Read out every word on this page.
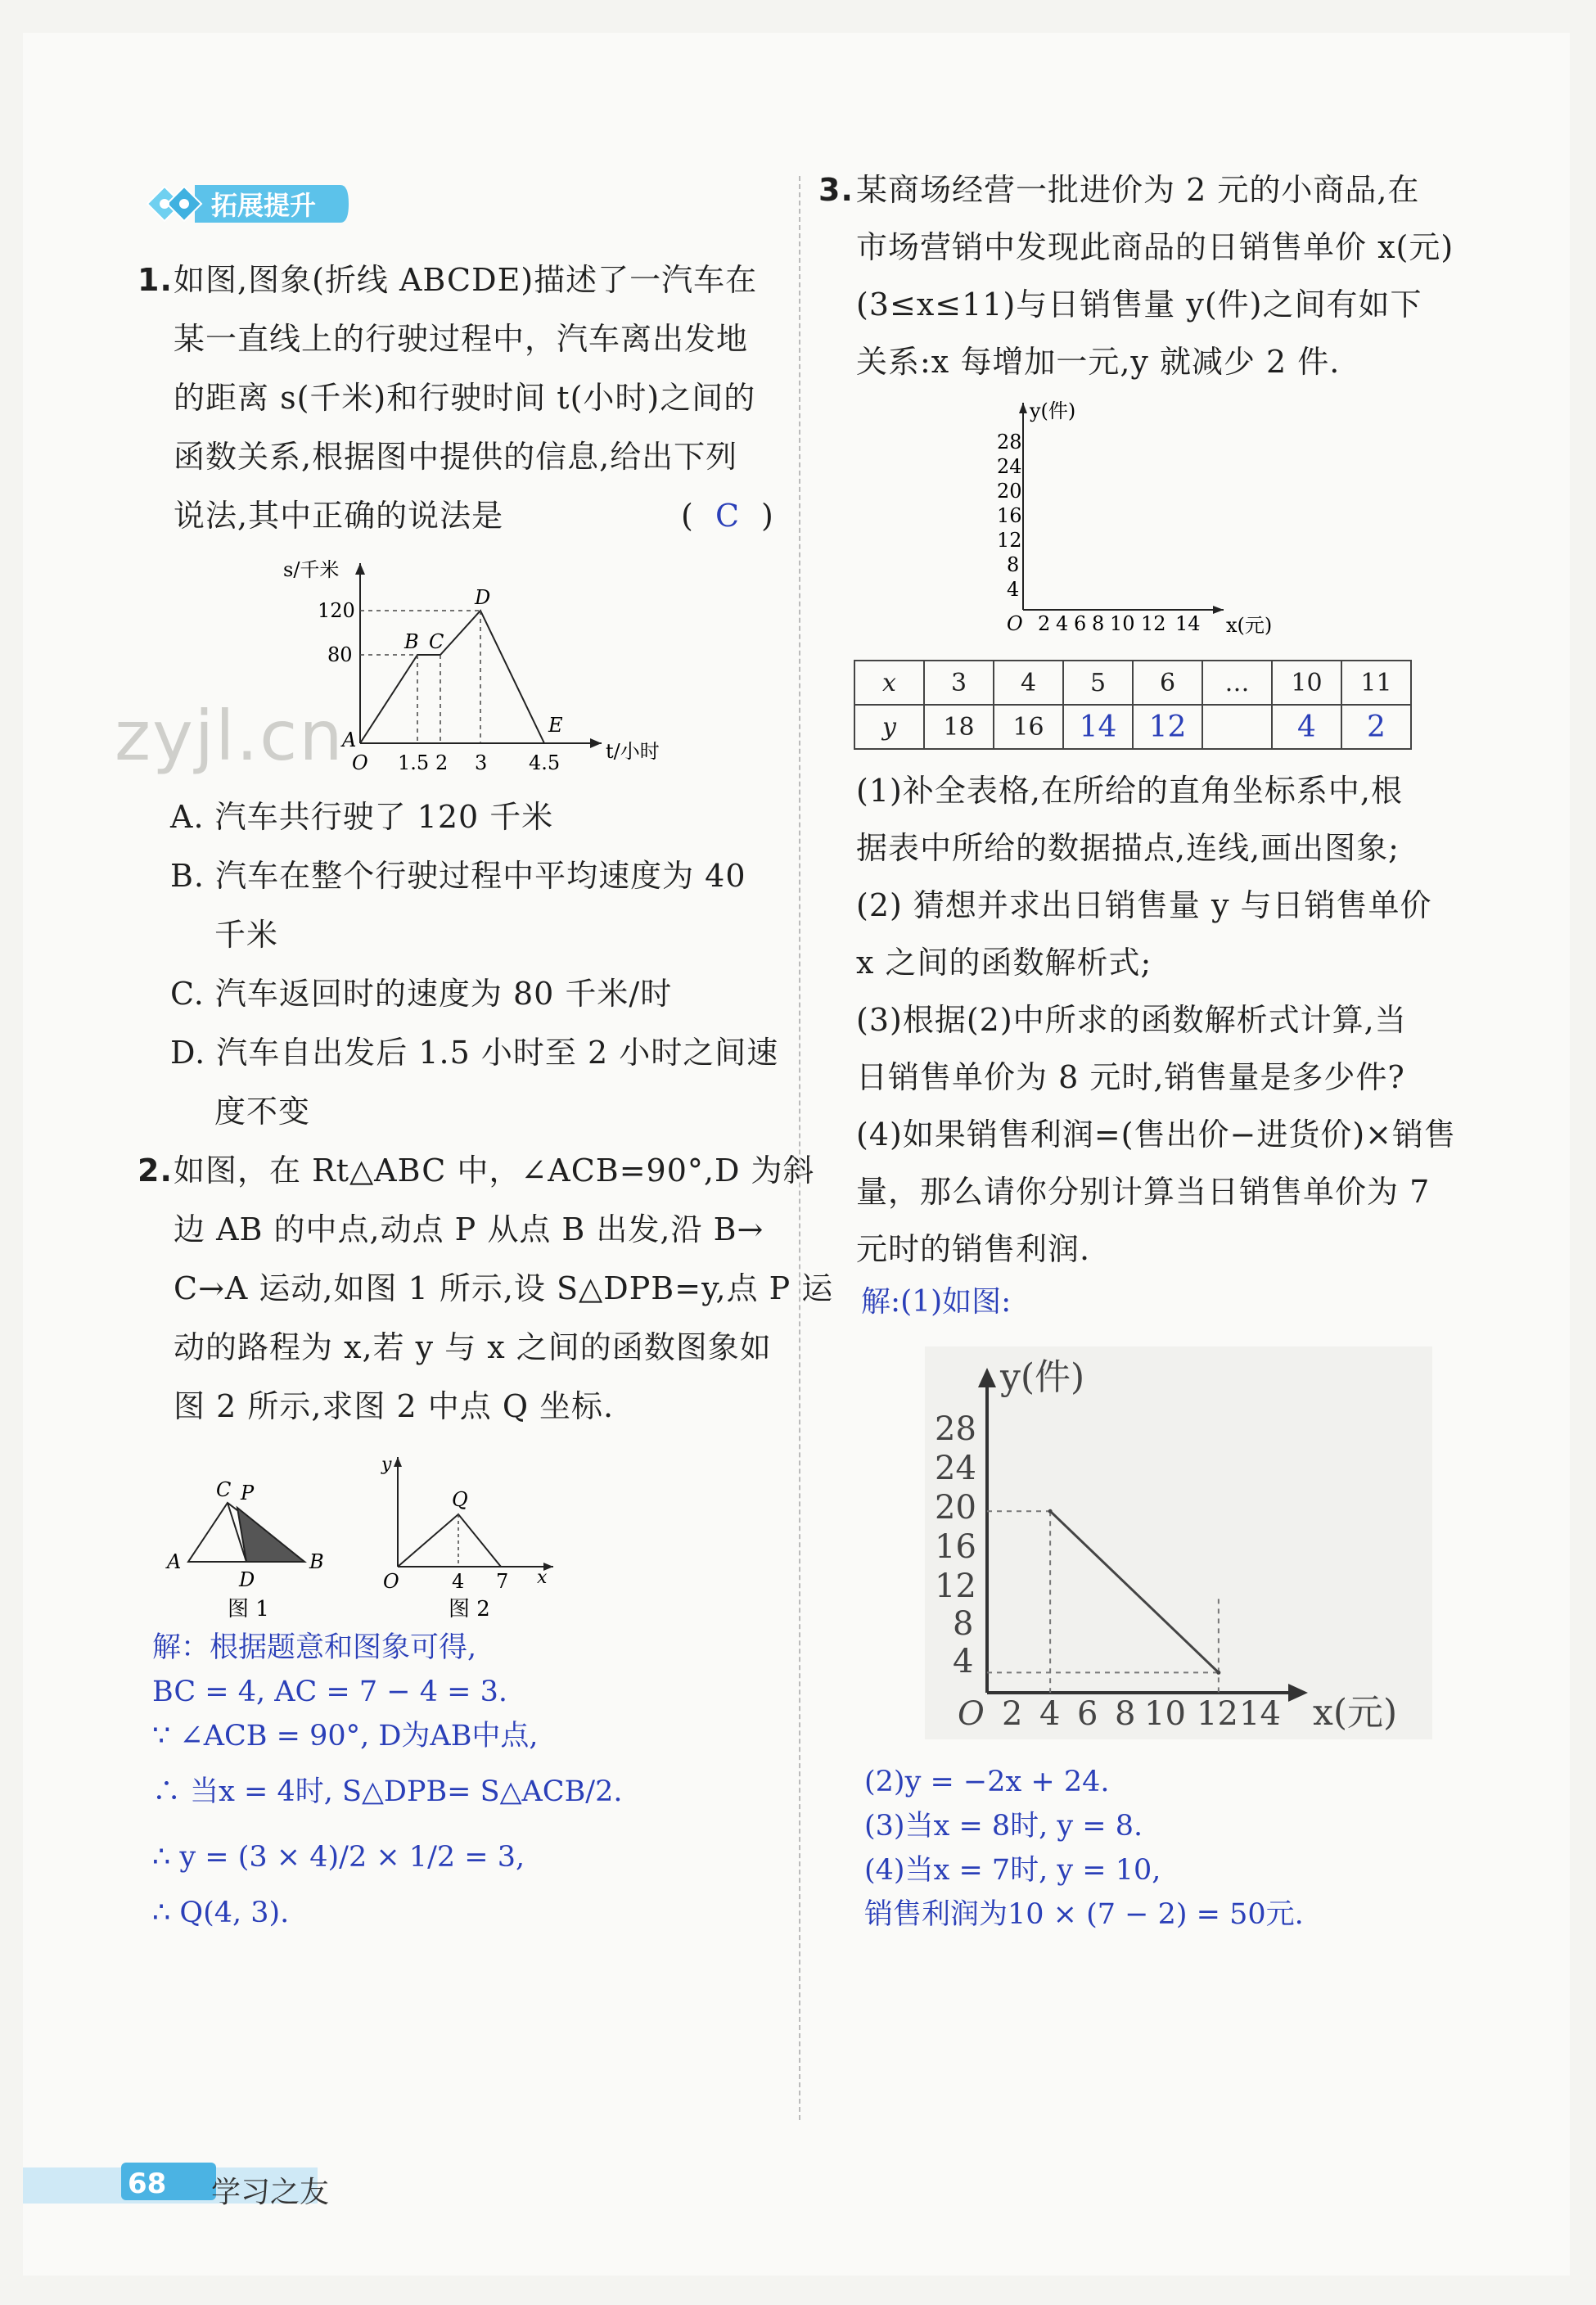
拓展提升
1. 如图,图象(折线 ABCDE)描述了一汽车在
某一直线上的行驶过程中，汽车离出发地
的距离 s(千米)和行驶时间 t(小时)之间的
函数关系,根据图中提供的信息,给出下列
说法,其中正确的说法是	( C )
s/千米
t/小时
120
80
O 1.5 2 3 4.5
A
B C
D
E
zyjl.cn
A. 汽车共行驶了 120 千米
B. 汽车在整个行驶过程中平均速度为 40
千米
C. 汽车返回时的速度为 80 千米/时
D. 汽车自出发后 1.5 小时至 2 小时之间速
度不变
2. 如图，在 Rt△ABC 中，∠ACB=90°,D 为斜
边 AB 的中点,动点 P 从点 B 出发,沿 B→
C→A 运动,如图 1 所示,设 S△DPB=y,点 P 运
动的路程为 x,若 y 与 x 之间的函数图象如
图 2 所示,求图 2 中点 Q 坐标.
C P
A
D
B
图 1
y
Q
O	4 7 x
图 2
解：根据题意和图象可得,
BC = 4, AC = 7 − 4 = 3.
∵ ∠ACB = 90°, D为AB中点,
∴ 当x = 4时, S△DPB= S△ACB/2.
∴ y = (3 × 4)/2 × 1/2 = 3,
∴ Q(4, 3).
3. 某商场经营一批进价为 2 元的小商品,在
市场营销中发现此商品的日销售单价 x(元)
(3≤x≤11)与日销售量 y(件)之间有如下
关系:x 每增加一元,y 就减少 2 件.
y(件)
x(元)
28
24
20
16
12
8
4
O 2 4 6 8 10 12 14
x	3	4	5	6	…	10	11
y	18	16	14	12		4	2
(1)补全表格,在所给的直角坐标系中,根
据表中所给的数据描点,连线,画出图象;
(2) 猜想并求出日销售量 y 与日销售单价
x 之间的函数解析式;
(3)根据(2)中所求的函数解析式计算,当
日销售单价为 8 元时,销售量是多少件?
(4)如果销售利润=(售出价−进货价)×销售
量，那么请你分别计算当日销售单价为 7
元时的销售利润.
解:(1)如图:
y(件)
x(元)
28
24
20
16
12
8
4
O 2 4 6 8 10 12 14
(2)y = −2x + 24.
(3)当x = 8时, y = 8.
(4)当x = 7时, y = 10,
销售利润为10 × (7 − 2) = 50元.
68 学习之友
